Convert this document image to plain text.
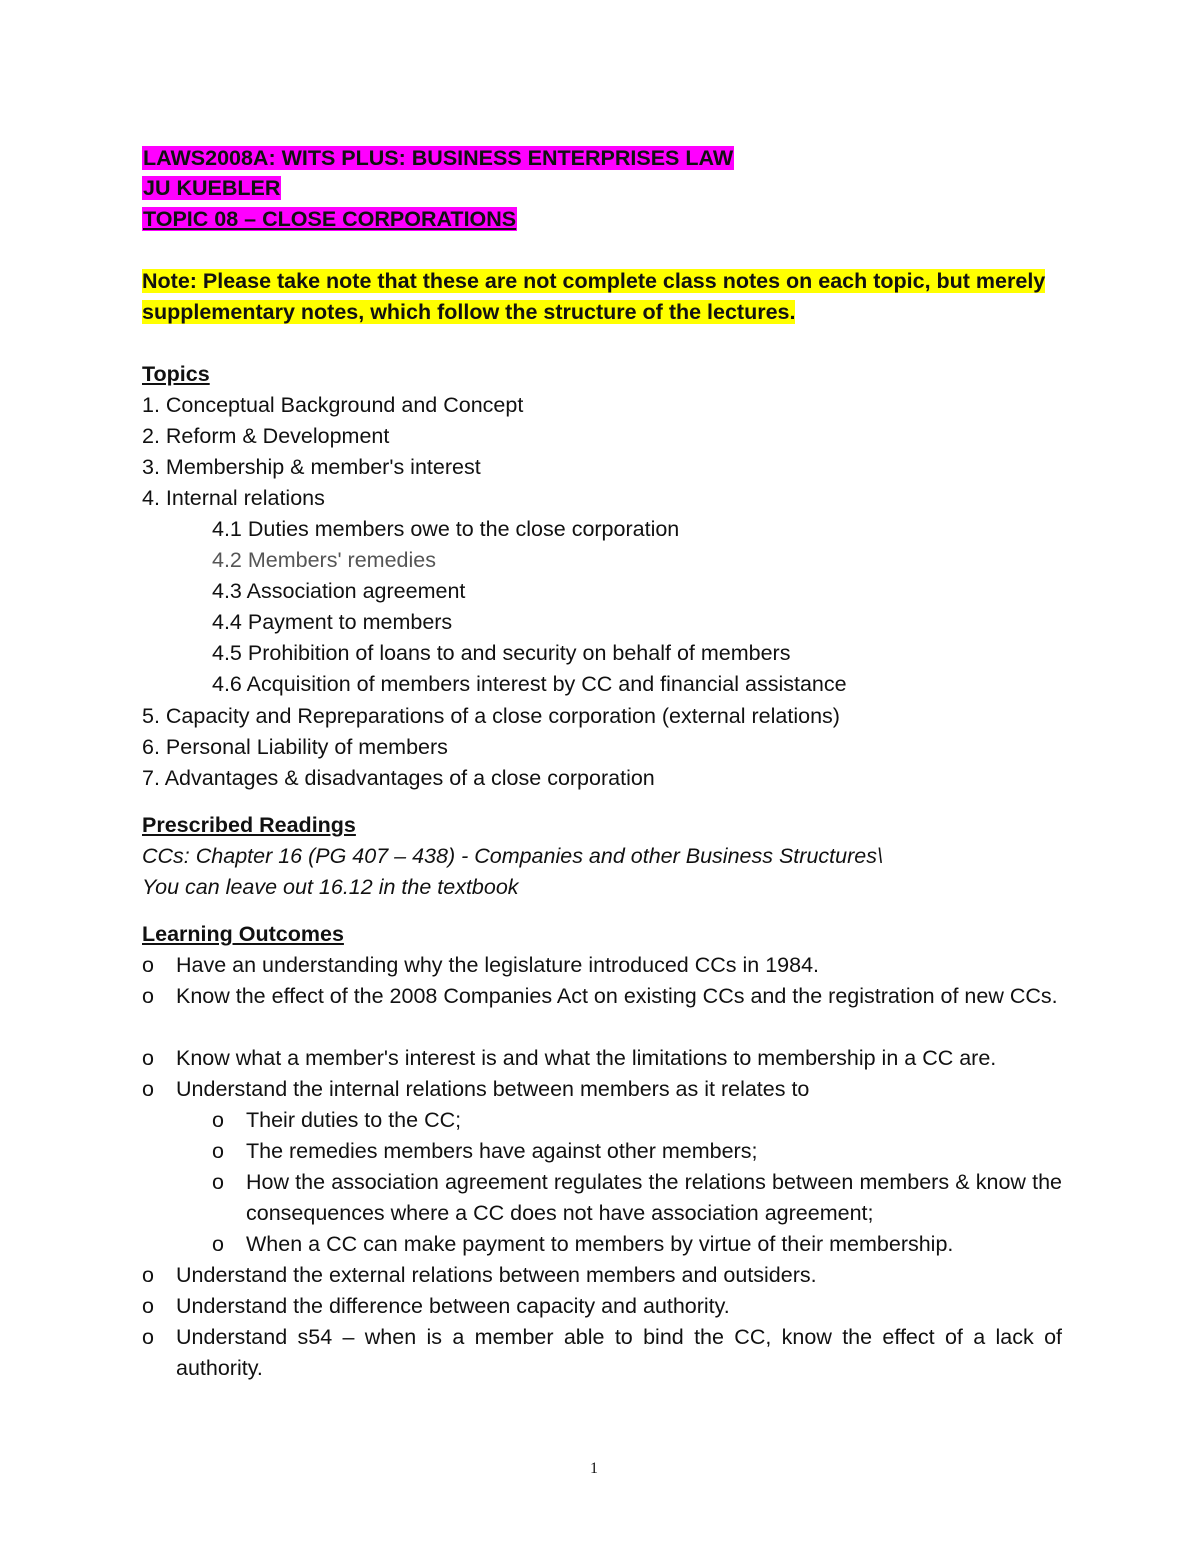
LAWS2008A: WITS PLUS: BUSINESS ENTERPRISES LAW
JU KUEBLER
TOPIC 08 – CLOSE CORPORATIONS
Note: Please take note that these are not complete class notes on each topic, but merely supplementary notes, which follow the structure of the lectures.
Topics
1. Conceptual Background and Concept
2. Reform & Development
3. Membership & member's interest
4. Internal relations
4.1 Duties members owe to the close corporation
4.2 Members' remedies
4.3 Association agreement
4.4 Payment to members
4.5 Prohibition of loans to and security on behalf of members
4.6 Acquisition of members interest by CC and financial assistance
5. Capacity and Repreparations of a close corporation (external relations)
6. Personal Liability of members
7. Advantages & disadvantages of a close corporation
Prescribed Readings
CCs: Chapter 16 (PG 407 – 438) - Companies and other Business Structures\
You can leave out 16.12 in the textbook
Learning Outcomes
o Have an understanding why the legislature introduced CCs in 1984.
o Know the effect of the 2008 Companies Act on existing CCs and the registration of new CCs.
o Know what a member's interest is and what the limitations to membership in a CC are.
o Understand the internal relations between members as it relates to
o Their duties to the CC;
o The remedies members have against other members;
o How the association agreement regulates the relations between members & know the consequences where a CC does not have association agreement;
o When a CC can make payment to members by virtue of their membership.
o Understand the external relations between members and outsiders.
o Understand the difference between capacity and authority.
o Understand s54 – when is a member able to bind the CC, know the effect of a lack of authority.
1
